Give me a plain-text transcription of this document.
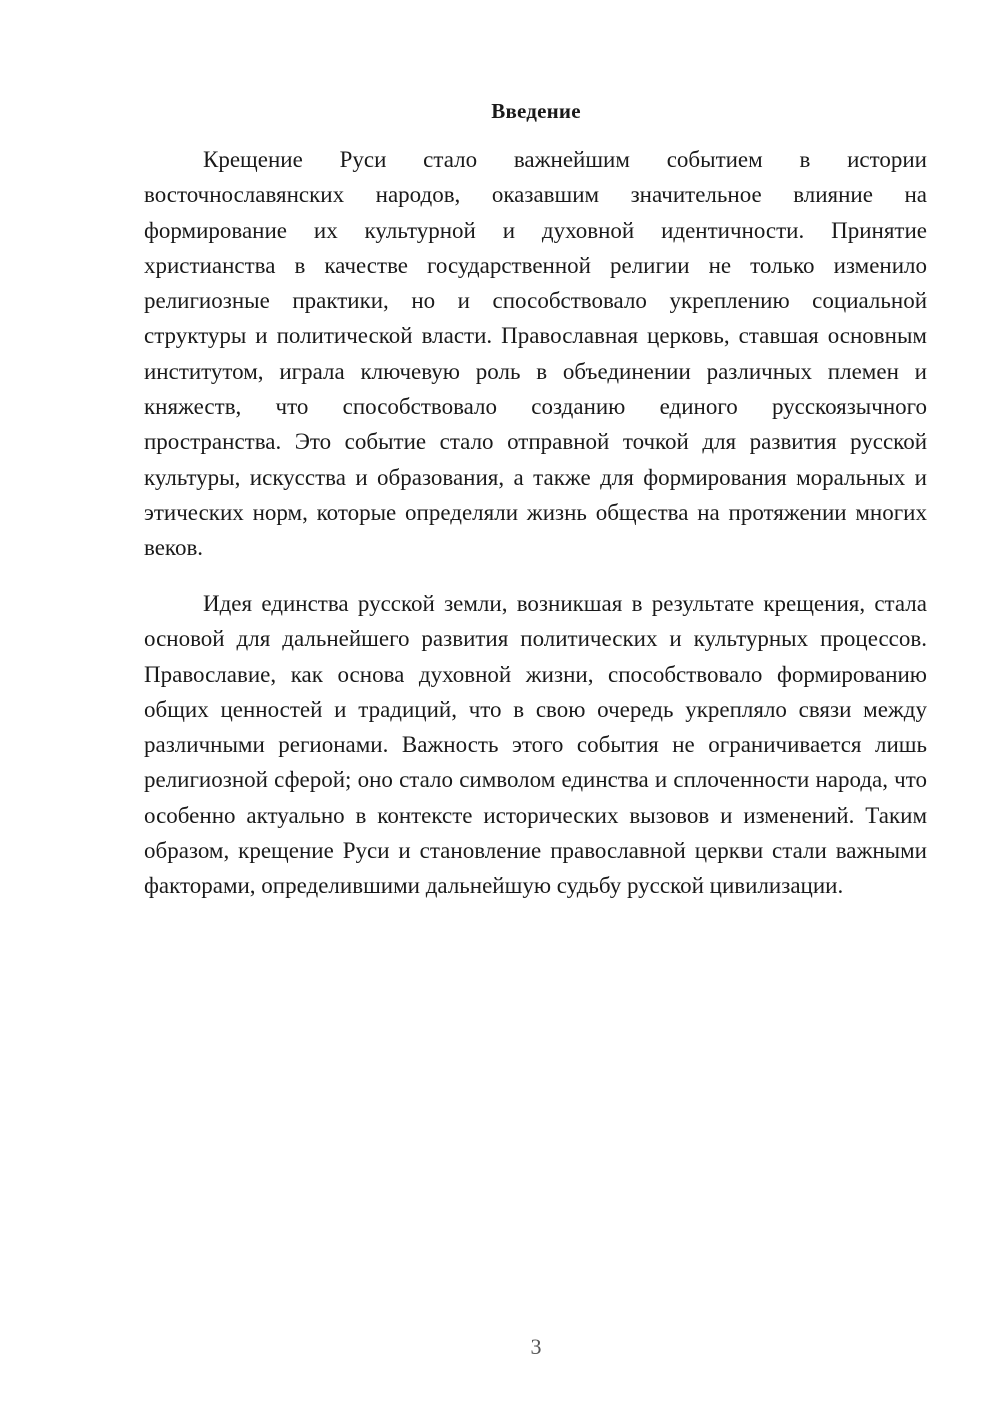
Введение

Крещение Руси стало важнейшим событием в истории восточнославянских народов, оказавшим значительное влияние на формирование их культурной и духовной идентичности. Принятие христианства в качестве государственной религии не только изменило религиозные практики, но и способствовало укреплению социальной структуры и политической власти. Православная церковь, ставшая основным институтом, играла ключевую роль в объединении различных племен и княжеств, что способствовало созданию единого русскоязычного пространства. Это событие стало отправной точкой для развития русской культуры, искусства и образования, а также для формирования моральных и этических норм, которые определяли жизнь общества на протяжении многих веков.

Идея единства русской земли, возникшая в результате крещения, стала основой для дальнейшего развития политических и культурных процессов. Православие, как основа духовной жизни, способствовало формированию общих ценностей и традиций, что в свою очередь укрепляло связи между различными регионами. Важность этого события не ограничивается лишь религиозной сферой; оно стало символом единства и сплоченности народа, что особенно актуально в контексте исторических вызовов и изменений. Таким образом, крещение Руси и становление православной церкви стали важными факторами, определившими дальнейшую судьбу русской цивилизации.

3
